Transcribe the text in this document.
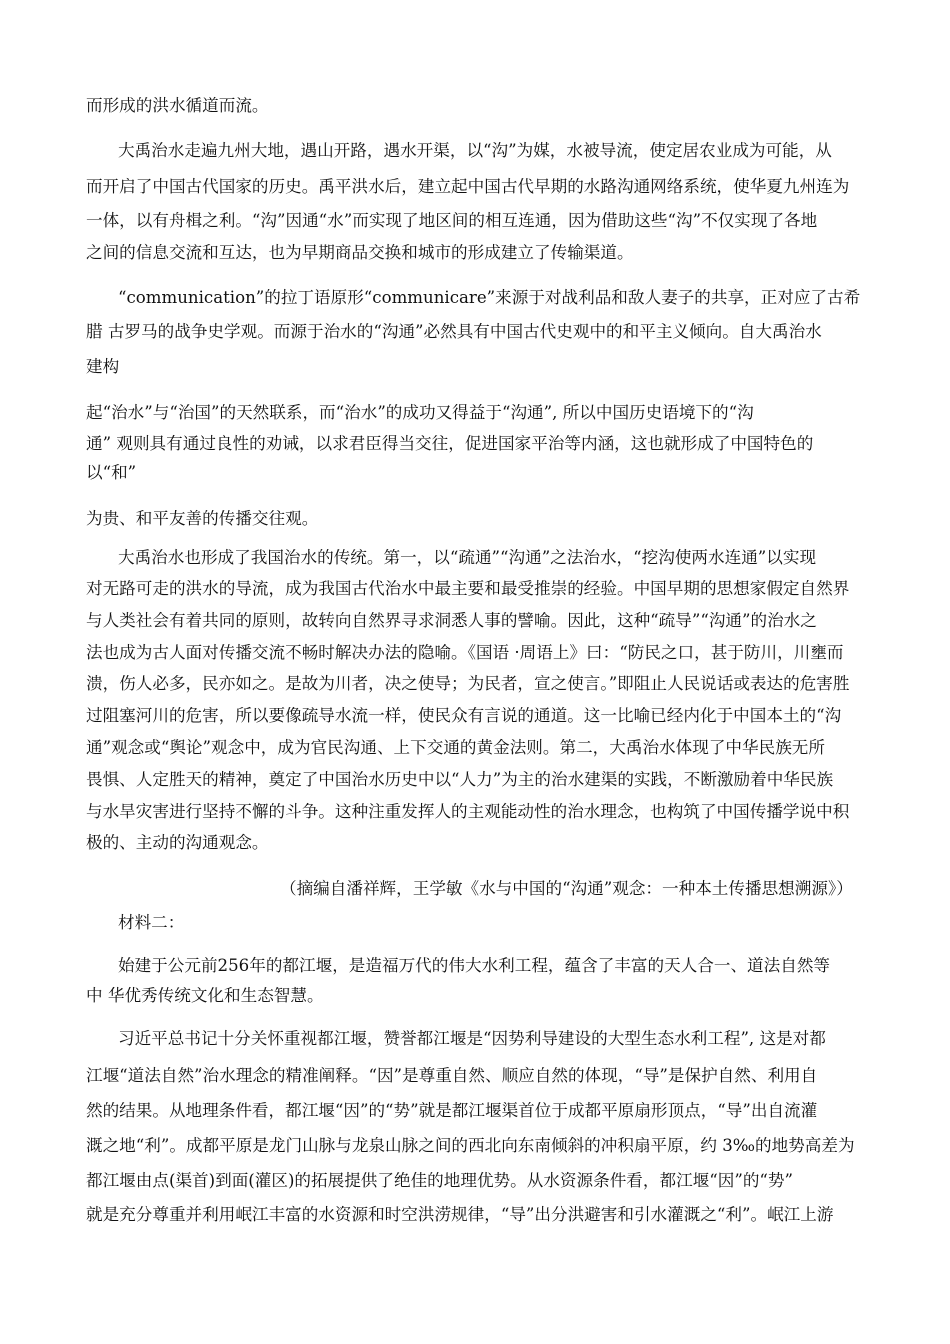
而形成的洪水循道而流。
大禹治水走遍九州大地，遇山开路，遇水开渠，以“沟”为媒，水被导流，使定居农业成为可能，从
而开启了中国古代国家的历史。禹平洪水后，建立起中国古代早期的水路沟通网络系统，使华夏九州连为
一体，以有舟楫之利。“沟”因通“水”而实现了地区间的相互连通，因为借助这些“沟”不仅实现了各地
之间的信息交流和互达，也为早期商品交换和城市的形成建立了传输渠道。
“communication”的拉丁语原形“communicare”来源于对战利品和敌人妻子的共享，正对应了古希
腊 古罗马的战争史学观。而源于治水的“沟通”必然具有中国古代史观中的和平主义倾向。自大禹治水
建构
起“治水”与“治国”的天然联系，而“治水”的成功又得益于“沟通”, 所以中国历史语境下的“沟
通” 观则具有通过良性的劝诫，以求君臣得当交往，促进国家平治等内涵，这也就形成了中国特色的
以“和”
为贵、和平友善的传播交往观。
大禹治水也形成了我国治水的传统。第一，以“疏通”“沟通”之法治水，“挖沟使两水连通”以实现
对无路可走的洪水的导流，成为我国古代治水中最主要和最受推崇的经验。中国早期的思想家假定自然界
与人类社会有着共同的原则，故转向自然界寻求洞悉人事的譬喻。因此，这种“疏导”“沟通”的治水之
法也成为古人面对传播交流不畅时解决办法的隐喻。《国语 ·周语上》曰：“防民之口，甚于防川，川壅而
溃，伤人必多，民亦如之。是故为川者，决之使导；为民者，宣之使言。”即阻止人民说话或表达的危害胜
过阻塞河川的危害，所以要像疏导水流一样，使民众有言说的通道。这一比喻已经内化于中国本土的“沟
通”观念或“舆论”观念中，成为官民沟通、上下交通的黄金法则。第二，大禹治水体现了中华民族无所
畏惧、人定胜天的精神，奠定了中国治水历史中以“人力”为主的治水建渠的实践，不断激励着中华民族
与水旱灾害进行坚持不懈的斗争。这种注重发挥人的主观能动性的治水理念，也构筑了中国传播学说中积
极的、主动的沟通观念。
（摘编自潘祥辉，王学敏《水与中国的“沟通”观念：一种本土传播思想溯源》）
材料二：
始建于公元前256年的都江堰，是造福万代的伟大水利工程，蕴含了丰富的天人合一、道法自然等
中 华优秀传统文化和生态智慧。
习近平总书记十分关怀重视都江堰，赞誉都江堰是“因势利导建设的大型生态水利工程”, 这是对都
江堰“道法自然”治水理念的精准阐释。“因”是尊重自然、顺应自然的体现，“导”是保护自然、利用自
然的结果。从地理条件看，都江堰“因”的“势”就是都江堰渠首位于成都平原扇形顶点，“导”出自流灌
溉之地“利”。成都平原是龙门山脉与龙泉山脉之间的西北向东南倾斜的冲积扇平原，约 3‰的地势高差为
都江堰由点(渠首)到面(灌区)的拓展提供了绝佳的地理优势。从水资源条件看，都江堰“因”的“势”
就是充分尊重并利用岷江丰富的水资源和时空洪涝规律，“导”出分洪避害和引水灌溉之“利”。岷江上游
